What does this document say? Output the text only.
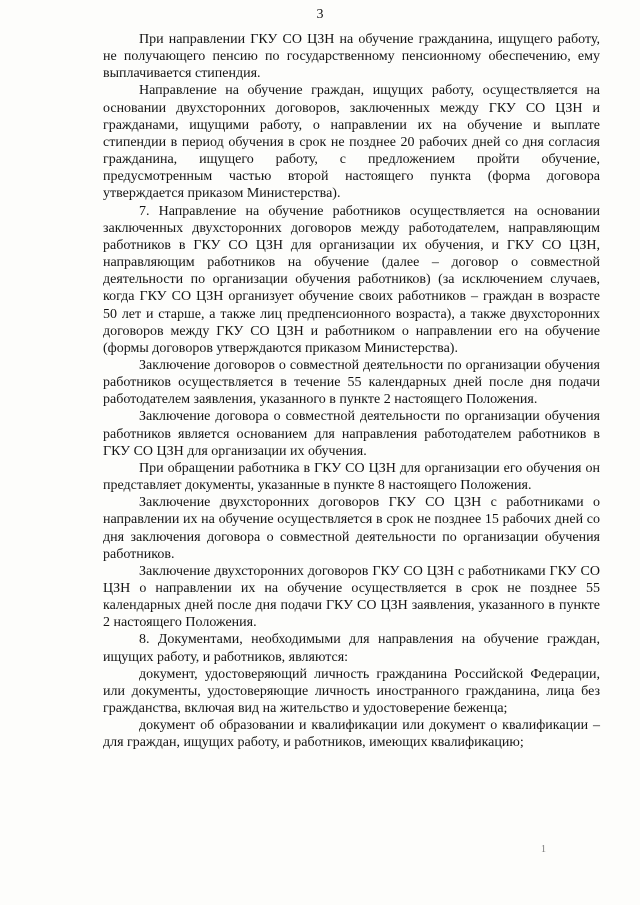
3

При направлении ГКУ СО ЦЗН на обучение гражданина, ищущего работу, не получающего пенсию по государственному пенсионному обеспечению, ему выплачивается стипендия.

Направление на обучение граждан, ищущих работу, осуществляется на основании двухсторонних договоров, заключенных между ГКУ СО ЦЗН и гражданами, ищущими работу, о направлении их на обучение и выплате стипендии в период обучения в срок не позднее 20 рабочих дней со дня согласия гражданина, ищущего работу, с предложением пройти обучение, предусмотренным частью второй настоящего пункта (форма договора утверждается приказом Министерства).

7. Направление на обучение работников осуществляется на основании заключенных двухсторонних договоров между работодателем, направляющим работников в ГКУ СО ЦЗН для организации их обучения, и ГКУ СО ЦЗН, направляющим работников на обучение (далее – договор о совместной деятельности по организации обучения работников) (за исключением случаев, когда ГКУ СО ЦЗН организует обучение своих работников – граждан в возрасте 50 лет и старше, а также лиц предпенсионного возраста), а также двухсторонних договоров между ГКУ СО ЦЗН и работником о направлении его на обучение (формы договоров утверждаются приказом Министерства).

Заключение договоров о совместной деятельности по организации обучения работников осуществляется в течение 55 календарных дней после дня подачи работодателем заявления, указанного в пункте 2 настоящего Положения.

Заключение договора о совместной деятельности по организации обучения работников является основанием для направления работодателем работников в ГКУ СО ЦЗН для организации их обучения.

При обращении работника в ГКУ СО ЦЗН для организации его обучения он представляет документы, указанные в пункте 8 настоящего Положения.

Заключение двухсторонних договоров ГКУ СО ЦЗН с работниками о направлении их на обучение осуществляется в срок не позднее 15 рабочих дней со дня заключения договора о совместной деятельности по организации обучения работников.

Заключение двухсторонних договоров ГКУ СО ЦЗН с работниками ГКУ СО ЦЗН о направлении их на обучение осуществляется в срок не позднее 55 календарных дней после дня подачи ГКУ СО ЦЗН заявления, указанного в пункте 2 настоящего Положения.

8. Документами, необходимыми для направления на обучение граждан, ищущих работу, и работников, являются:

документ, удостоверяющий личность гражданина Российской Федерации, или документы, удостоверяющие личность иностранного гражданина, лица без гражданства, включая вид на жительство и удостоверение беженца;

документ об образовании и квалификации или документ о квалификации – для граждан, ищущих работу, и работников, имеющих квалификацию;

1
